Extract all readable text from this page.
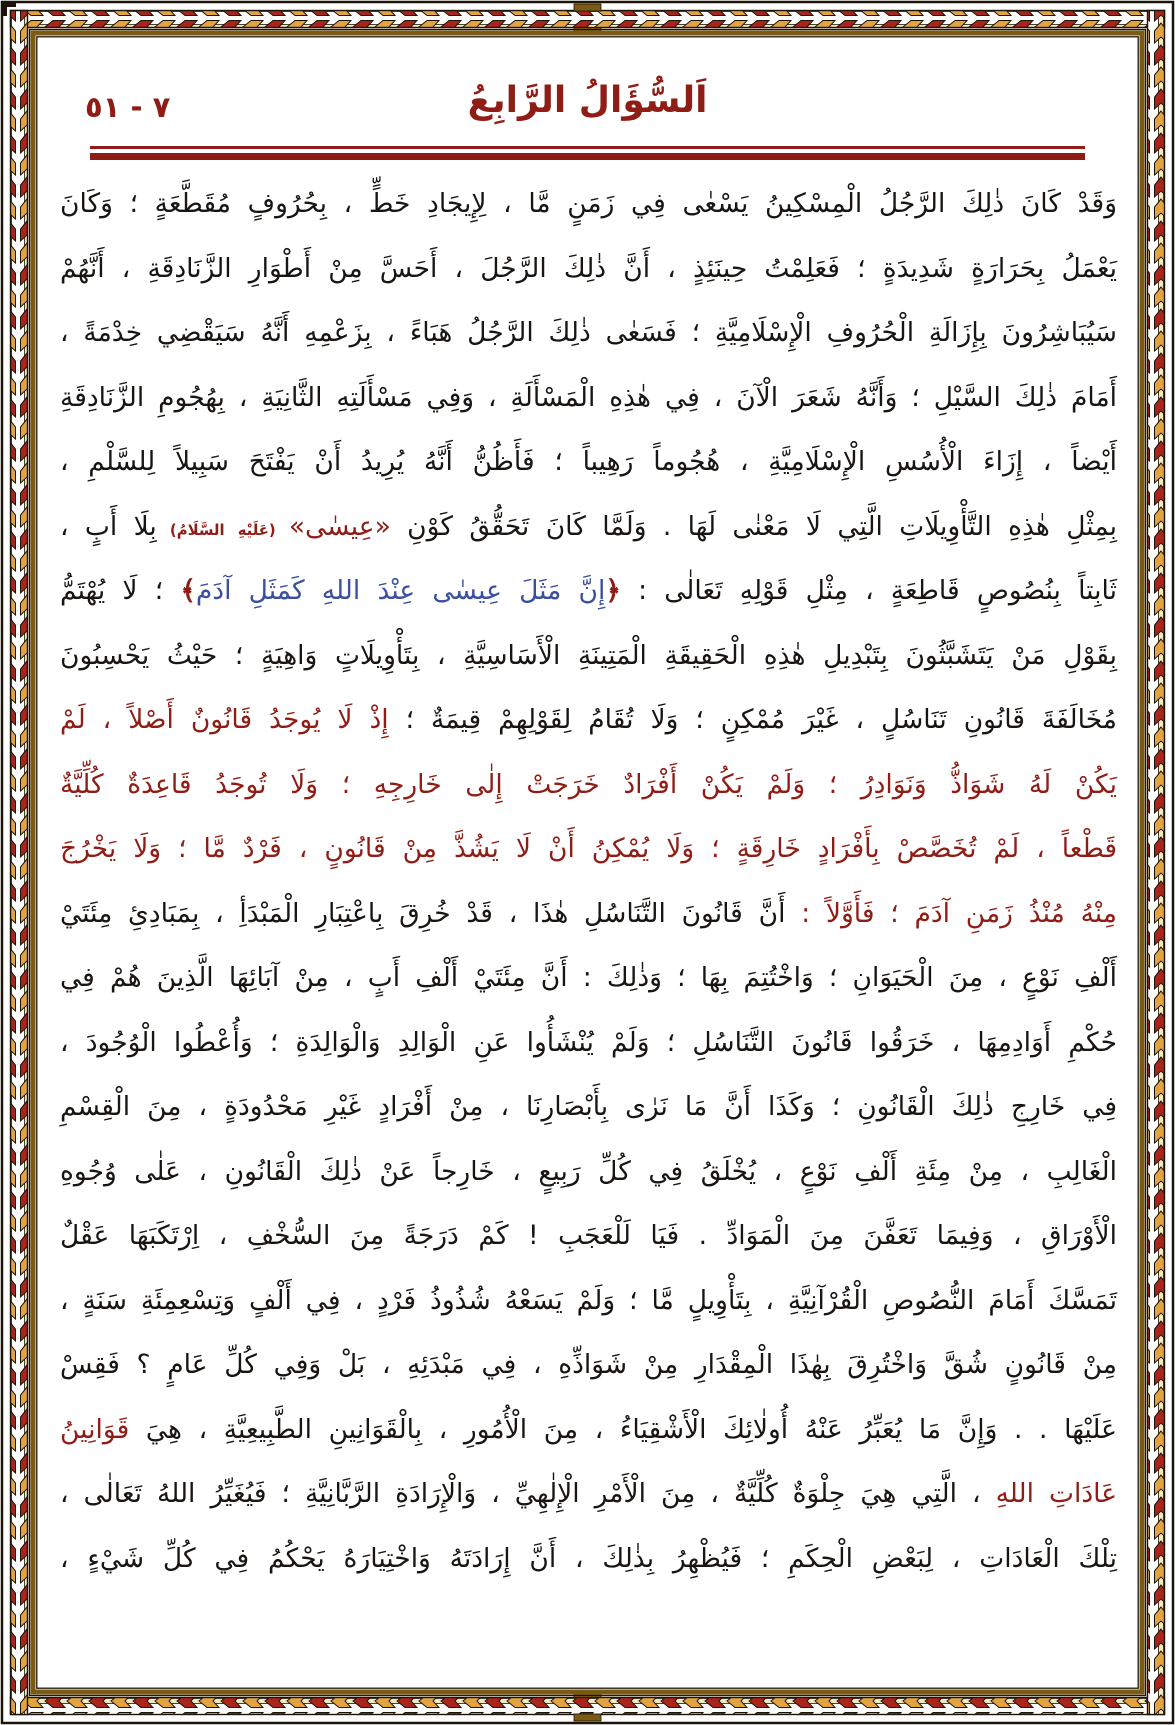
٧ - ٥١	اَلسُّؤَالُ الرَّابِعُ
وَقَدْ كَانَ ذٰلِكَ الرَّجُلُ الْمِسْكِينُ يَسْعٰى فِي زَمَنٍ مَّا ، لِإِيجَادِ خَطٍّ ، بِحُرُوفٍ مُقَطَّعَةٍ ؛ وَكَانَ
يَعْمَلُ بِحَرَارَةٍ شَدِيدَةٍ ؛ فَعَلِمْتُ حِينَئِذٍ ، أَنَّ ذٰلِكَ الرَّجُلَ ، أَحَسَّ مِنْ أَطْوَارِ الزَّنَادِقَةِ ، أَنَّهُمْ
سَيُبَاشِرُونَ بِإِزَالَةِ الْحُرُوفِ الْإِسْلَامِيَّةِ ؛ فَسَعٰى ذٰلِكَ الرَّجُلُ هَبَاءً ، بِزَعْمِهِ أَنَّهُ سَيَقْضِي خِدْمَةً ،
أَمَامَ ذٰلِكَ السَّيْلِ ؛ وَأَنَّهُ شَعَرَ الْآنَ ، فِي هٰذِهِ الْمَسْأَلَةِ ، وَفِي مَسْأَلَتِهِ الثَّانِيَةِ ، بِهُجُومِ الزَّنَادِقَةِ
أَيْضاً ، إِزَاءَ الْأُسُسِ الْإِسْلَامِيَّةِ ، هُجُوماً رَهِيباً ؛ فَأَظُنُّ أَنَّهُ يُرِيدُ أَنْ يَفْتَحَ سَبِيلاً لِلسَّلْمِ ،
بِمِثْلِ هٰذِهِ التَّأْوِيلَاتِ الَّتِي لَا مَعْنٰى لَهَا . وَلَمَّا كَانَ تَحَقُّقُ كَوْنِ «عِيسٰى» (عَلَيْهِ السَّلَامُ) بِلَا أَبٍ ،
ثَابِتاً بِنُصُوصٍ قَاطِعَةٍ ، مِثْلِ قَوْلِهِ تَعَالٰى : ﴿إِنَّ مَثَلَ عِيسٰى عِنْدَ اللهِ كَمَثَلِ آدَمَ﴾ ؛ لَا يُهْتَمُّ
بِقَوْلِ مَنْ يَتَشَبَّثُونَ بِتَبْدِيلِ هٰذِهِ الْحَقِيقَةِ الْمَتِينَةِ الْأَسَاسِيَّةِ ، بِتَأْوِيلَاتٍ وَاهِيَةٍ ؛ حَيْثُ يَحْسِبُونَ
مُخَالَفَةَ قَانُونِ تَنَاسُلٍ ، غَيْرَ مُمْكِنٍ ؛ وَلَا تُقَامُ لِقَوْلِهِمْ قِيمَةٌ ؛ إِذْ لَا يُوجَدُ قَانُونٌ أَصْلاً ، لَمْ
يَكُنْ لَهُ شَوَاذُّ وَنَوَادِرُ ؛ وَلَمْ يَكُنْ أَفْرَادٌ خَرَجَتْ إِلٰى خَارِجِهِ ؛ وَلَا تُوجَدُ قَاعِدَةٌ كُلِّيَّةٌ
قَطْعاً ، لَمْ تُخَصَّصْ بِأَفْرَادٍ خَارِقَةٍ ؛ وَلَا يُمْكِنُ أَنْ لَا يَشُذَّ مِنْ قَانُونٍ ، فَرْدٌ مَّا ؛ وَلَا يَخْرُجَ
مِنْهُ مُنْذُ زَمَنِ آدَمَ ؛ فَأَوَّلاً : أَنَّ قَانُونَ التَّنَاسُلِ هٰذَا ، قَدْ خُرِقَ بِاعْتِبَارِ الْمَبْدَأِ ، بِمَبَادِئِ مِئَتَيْ
أَلْفِ نَوْعٍ ، مِنَ الْحَيَوَانِ ؛ وَاخْتُتِمَ بِهَا ؛ وَذٰلِكَ : أَنَّ مِئَتَيْ أَلْفِ أَبٍ ، مِنْ آبَائِهَا الَّذِينَ هُمْ فِي
حُكْمِ أَوَادِمِهَا ، خَرَقُوا قَانُونَ التَّنَاسُلِ ؛ وَلَمْ يُنْشَأُوا عَنِ الْوَالِدِ وَالْوَالِدَةِ ؛ وَأُعْطُوا الْوُجُودَ ،
فِي خَارِجِ ذٰلِكَ الْقَانُونِ ؛ وَكَذَا أَنَّ مَا نَرٰى بِأَبْصَارِنَا ، مِنْ أَفْرَادٍ غَيْرِ مَحْدُودَةٍ ، مِنَ الْقِسْمِ
الْغَالِبِ ، مِنْ مِئَةِ أَلْفِ نَوْعٍ ، يُخْلَقُ فِي كُلِّ رَبِيعٍ ، خَارِجاً عَنْ ذٰلِكَ الْقَانُونِ ، عَلٰى وُجُوهِ
الْأَوْرَاقِ ، وَفِيمَا تَعَفَّنَ مِنَ الْمَوَادِّ . فَيَا لَلْعَجَبِ ! كَمْ دَرَجَةً مِنَ السُّخْفِ ، اِرْتَكَبَهَا عَقْلٌ
تَمَسَّكَ أَمَامَ النُّصُوصِ الْقُرْآنِيَّةِ ، بِتَأْوِيلٍ مَّا ؛ وَلَمْ يَسَعْهُ شُذُوذُ فَرْدٍ ، فِي أَلْفٍ وَتِسْعِمِئَةِ سَنَةٍ ،
مِنْ قَانُونٍ شُقَّ وَاخْتُرِقَ بِهٰذَا الْمِقْدَارِ مِنْ شَوَاذِّهِ ، فِي مَبْدَئِهِ ، بَلْ وَفِي كُلِّ عَامٍ ؟ فَقِسْ
عَلَيْهَا . . وَإِنَّ مَا يُعَبِّرُ عَنْهُ أُولٰائِكَ الْأَشْقِيَاءُ ، مِنَ الْأُمُورِ ، بِالْقَوَانِينِ الطَّبِيعِيَّةِ ، هِيَ قَوَانِينُ
عَادَاتِ اللهِ ، الَّتِي هِيَ جِلْوَةٌ كُلِّيَّةٌ ، مِنَ الْأَمْرِ الْإِلٰهِيِّ ، وَالْإِرَادَةِ الرَّبَّانِيَّةِ ؛ فَيُغَيِّرُ اللهُ تَعَالٰى ،
تِلْكَ الْعَادَاتِ ، لِبَعْضِ الْحِكَمِ ؛ فَيُظْهِرُ بِذٰلِكَ ، أَنَّ إِرَادَتَهُ وَاخْتِيَارَهُ يَحْكُمُ فِي كُلِّ شَيْءٍ ،
